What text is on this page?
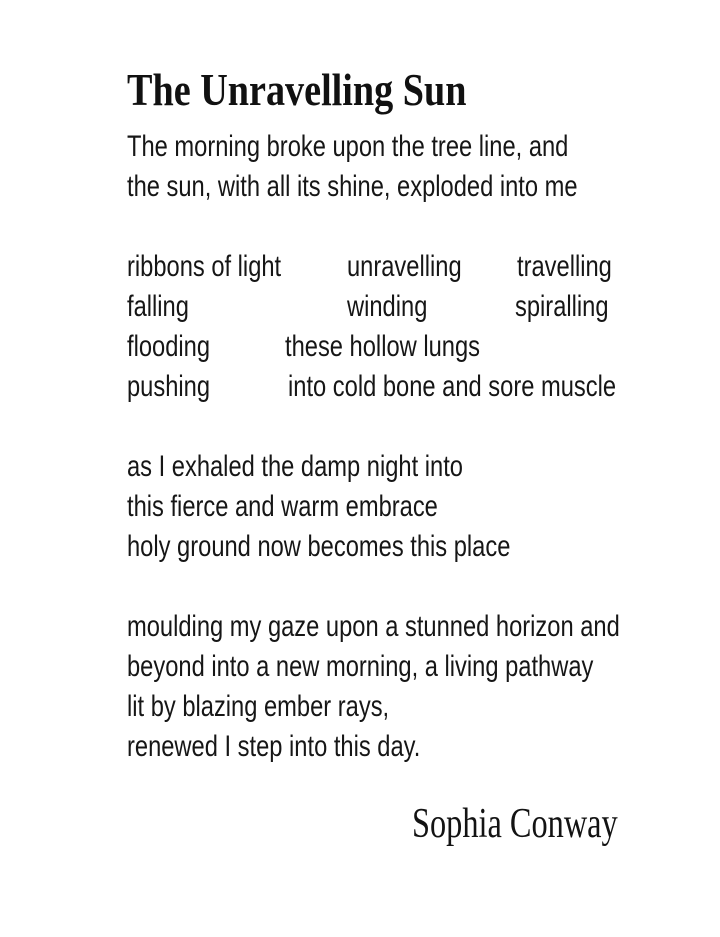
The Unravelling Sun
The morning broke upon the tree line, and
the sun, with all its shine, exploded into me
ribbons of light unravelling travelling
falling	winding	spiralling
flooding these hollow lungs
pushing	into cold bone and sore muscle
as I exhaled the damp night into
this fierce and warm embrace
holy ground now becomes this place
moulding my gaze upon a stunned horizon and
beyond into a new morning, a living pathway
lit by blazing ember rays,
renewed I step into this day.

Sophia Conway
